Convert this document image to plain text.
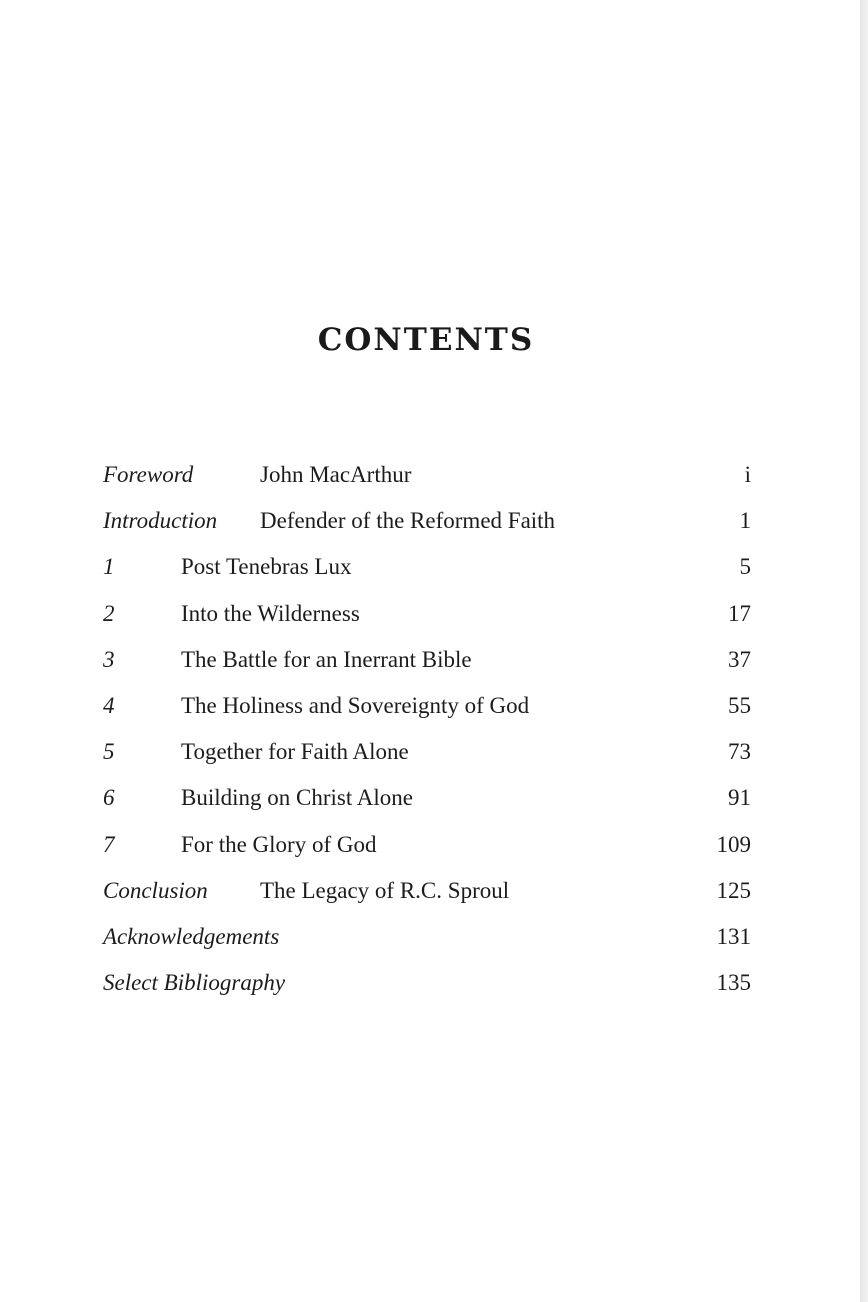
CONTENTS
Foreword	John MacArthur	i
Introduction Defender of the Reformed Faith	1
1	Post Tenebras Lux	5
2	Into the Wilderness	17
3	The Battle for an Inerrant Bible	37
4	The Holiness and Sovereignty of God	55
5	Together for Faith Alone	73
6	Building on Christ Alone	91
7	For the Glory of God	109
Conclusion The Legacy of R.C. Sproul	125
Acknowledgements	131
Select Bibliography	135
